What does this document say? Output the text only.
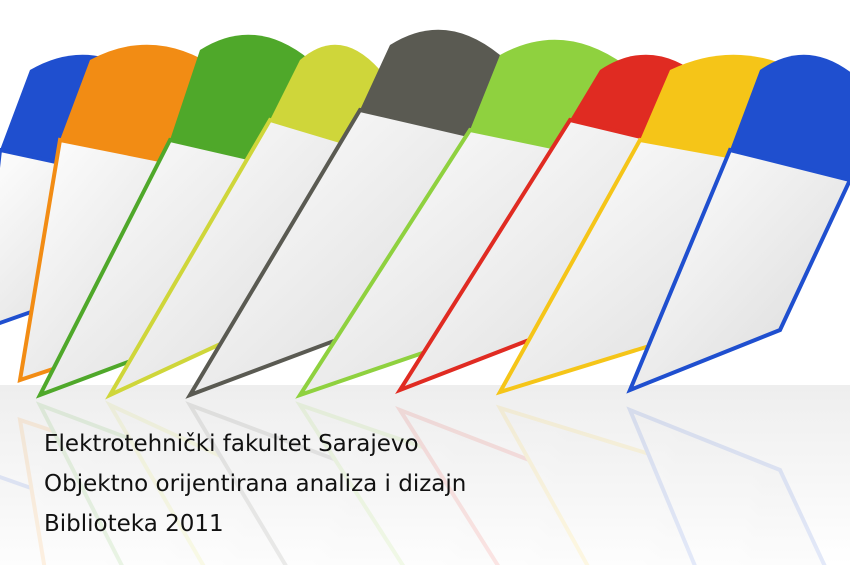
Elektrotehnički fakultet Sarajevo
Objektno orijentirana analiza i dizajn
Biblioteka 2011
